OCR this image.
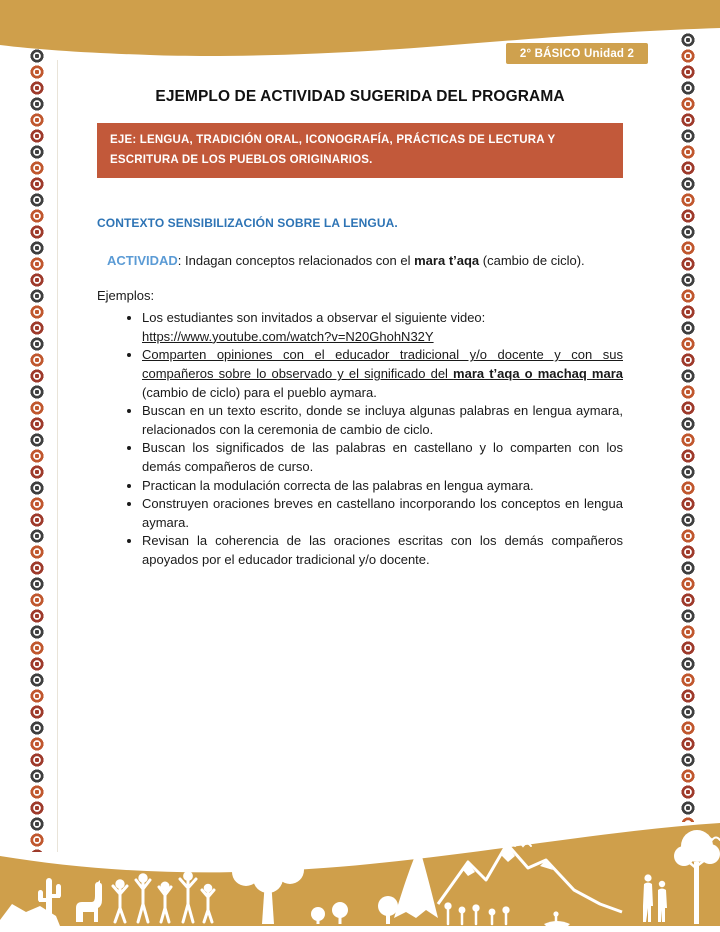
2° BÁSICO Unidad 2
EJEMPLO DE ACTIVIDAD SUGERIDA DEL PROGRAMA
EJE: LENGUA, TRADICIÓN ORAL, ICONOGRAFÍA, PRÁCTICAS DE LECTURA Y ESCRITURA DE LOS PUEBLOS ORIGINARIOS.
CONTEXTO SENSIBILIZACIÓN SOBRE LA LENGUA.
ACTIVIDAD: Indagan conceptos relacionados con el mara t’aqa (cambio de ciclo).
Ejemplos:
• Los estudiantes son invitados a observar el siguiente video:
https://www.youtube.com/watch?v=N20GhohN32Y
• Comparten opiniones con el educador tradicional y/o docente y con sus compañeros sobre lo observado y el significado del mara t’aqa o machaq mara (cambio de ciclo) para el pueblo aymara.
• Buscan en un texto escrito, donde se incluya algunas palabras en lengua aymara, relacionados con la ceremonia de cambio de ciclo.
• Buscan los significados de las palabras en castellano y lo comparten con los demás compañeros de curso.
• Practican la modulación correcta de las palabras en lengua aymara.
• Construyen oraciones breves en castellano incorporando los conceptos en lengua aymara.
• Revisan la coherencia de las oraciones escritas con los demás compañeros apoyados por el educador tradicional y/o docente.
